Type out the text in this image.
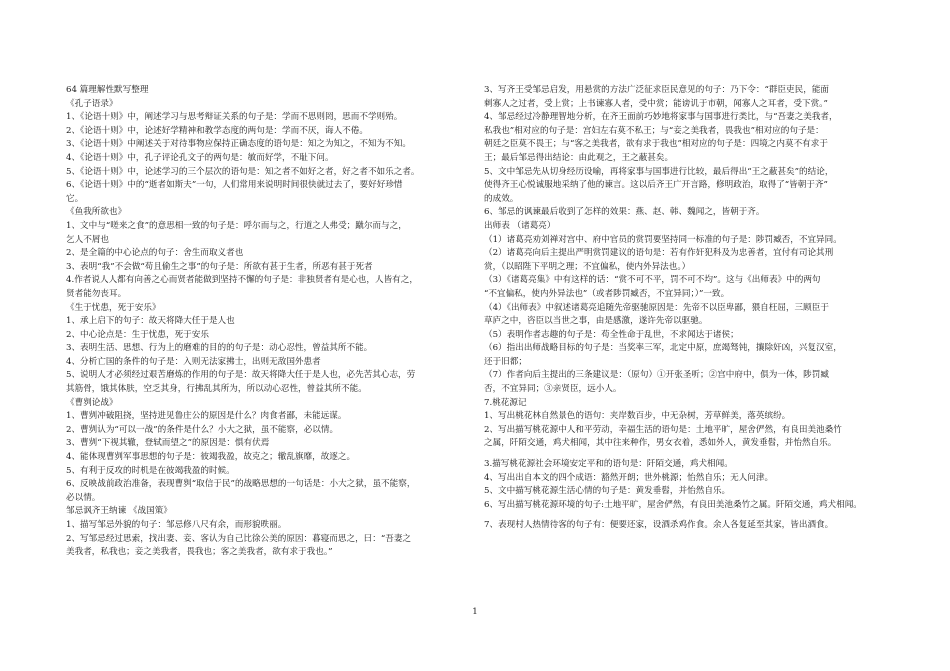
64 篇理解性默写整理
《孔子语录》
1、《论语十则》中，阐述学习与思考辩证关系的句子是：学而不思则罔，思而不学则殆。
2、《论语十则》中，论述好学精神和教学态度的两句是：学而不厌，诲人不倦。
3、《论语十则》中阐述关于对待事物应保持正确态度的语句是：知之为知之，不知为不知。
4、《论语十则》中，孔子评论孔文子的两句是：敏而好学，不耻下问。
5、《论语十则》中，论述学习的三个层次的语句是：知之者不如好之者，好之者不如乐之者。
6、《论语十则》中的“逝者如斯夫”一句，人们常用来说明时间很快就过去了，要好好珍惜
它。
《鱼我所欲也》
1、文中与“嗟来之食”的意思相一致的句子是：呼尔而与之，行道之人弗受；蹴尔而与之，
乞人不屑也
2、是全篇的中心论点的句子：舍生而取义者也
3、表明“我”不会做“苟且偷生之事”的句子是：所欲有甚于生者，所恶有甚于死者
4.作者说人人都有向善之心而贤者能做到坚持不懈的句子是：非独贤者有是心也，人皆有之，
贤者能勿丧耳。
《生于忧患，死于安乐》
1、承上启下的句子：故天将降大任于是人也
2、中心论点是：生于忧患，死于安乐
3、表明生活、思想、行为上的磨难的目的的句子是：动心忍性，曾益其所不能。
4、分析亡国的条件的句子是：入则无法家拂士，出则无敌国外患者
5、说明人才必须经过艰苦磨炼的作用的句子是：故天将降大任于是人也，必先苦其心志，劳
其筋骨，饿其体肤，空乏其身，行拂乱其所为，所以动心忍性，曾益其所不能。
《曹刿论战》
1、曹刿冲破阻挠，坚持进见鲁庄公的原因是什么？肉食者鄙，未能远谋。
2、曹刿认为“可以一战”的条件是什么？小大之狱，虽不能察，必以情。
3、曹刿“下视其辙，登轼而望之”的原因是：惧有伏焉
4、能体现曹刿军事思想的句子是：彼竭我盈，故克之；辙乱旗靡，故逐之。
5、有利于反攻的时机是在彼竭我盈的时候。
6、反映战前政治准备，表现曹刿“取信于民”的战略思想的一句话是：小大之狱，虽不能察，
必以情。
邹忌讽齐王纳谏 《战国策》
1、描写邹忌外貌的句子：邹忌修八尺有余，而形貌昳丽。
2、写邹忌经过思索，找出妻、妾、客认为自己比徐公美的原因：暮寝而思之，曰：“吾妻之
美我者，私我也；妾之美我者，畏我也；客之美我者，欲有求于我也。”
3、写齐王受邹忌启发，用悬赏的方法广泛征求臣民意见的句子：乃下令：“群臣吏民，能面
刺寡人之过者，受上赏；上书谏寡人者，受中赏；能谤讥于市朝，闻寡人之耳者，受下赏。”
4、邹忌经过冷静理智地分析，在齐王面前巧妙地将家事与国事进行类比，与“吾妻之美我者，
私我也”相对应的句子是：宫妇左右莫不私王；与“妾之美我者，畏我也”相对应的句子是：
朝廷之臣莫不畏王；与“客之美我者，欲有求于我也”相对应的句子是：四境之内莫不有求于
王；最后邹忌得出结论：由此观之，王之蔽甚矣。
5、文中邹忌先从切身经历设喻，再将家事与国事进行比较，最后得出“王之蔽甚矣”的结论，
使得齐王心悦诚服地采纳了他的谏言。这以后齐王广开言路，修明政治，取得了“皆朝于齐”
的成效。
6、邹忌的讽谏最后收到了怎样的效果：燕、赵、韩、魏闻之，皆朝于齐。
出师表 （诸葛亮）
（1）诸葛亮劝刘禅对宫中、府中官员的赏罚要坚持同一标准的句子是：陟罚臧否，不宜异同。
（2）诸葛亮向后主提出严明赏罚建议的语句是：若有作奸犯科及为忠善者，宜付有司论其刑
赏，（以昭陛下平明之理；不宜偏私，使内外异法也。）
（3）《诸葛亮集》中有这样的话：“赏不可不平，罚不可不均”。这与《出师表》中的两句
“不宜偏私，使内外异法也”（或者陟罚臧否，不宜异同；）”一致。
（4）《出师表》中叙述诸葛亮追随先帝驱驰原因是：先帝不以臣卑鄙，猥自枉屈，三顾臣于
草庐之中，咨臣以当世之事，由是感激，遂许先帝以驱驰。
（5）表明作者志趣的句子是：苟全性命于乱世，不求闻达于诸侯；
（6）指出出师战略目标的句子是：当奖率三军，北定中原，庶竭驽钝，攘除奸凶，兴复汉室，
还于旧都；
（7）作者向后主提出的三条建议是：（原句）①开张圣听；②宫中府中，俱为一体，陟罚臧
否，不宜异同；③亲贤臣，远小人。
7.桃花源记
1、写出桃花林自然景色的语句：夹岸数百步，中无杂树，芳草鲜美，落英缤纷。
2、写出描写桃花源中人和平劳动，幸福生活的语句是：土地平旷，屋舍俨然，有良田美池桑竹
之属，阡陌交通，鸡犬相闻，其中往来种作，男女衣着，悉如外人，黄发垂髫，并怡然自乐。
3.描写桃花源社会环境安定平和的语句是：阡陌交通，鸡犬相闻。
4、写出出自本文的四个成语：豁然开朗；世外桃源；怡然自乐；无人问津。
5、文中描写桃花源生活心情的句子是：黄发垂髫，并怡然自乐。
6、写出描写桃花源环境的句子:土地平旷，屋舍俨然，有良田美池桑竹之属。阡陌交通，鸡犬相闻。
7、表现村人热情待客的句子有：便要还家，设酒杀鸡作食。余人各复延至其家，皆出酒食。
1
